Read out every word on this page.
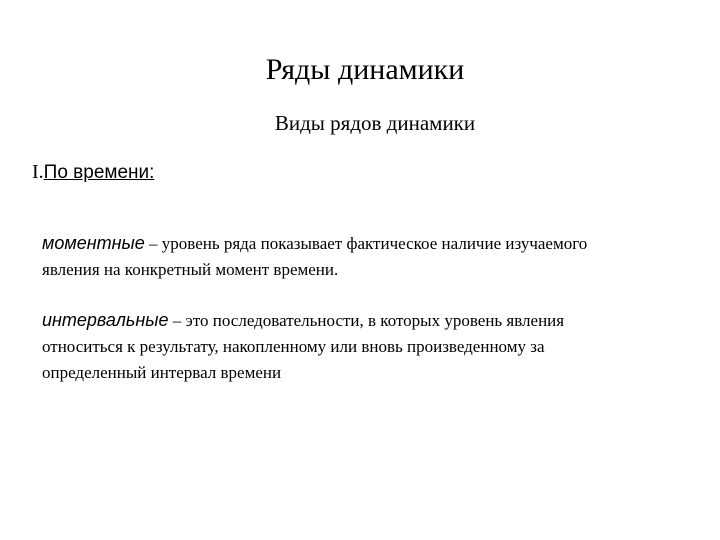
Ряды динамики
Виды рядов динамики
I.По времени:

моментные – уровень ряда показывает фактическое наличие изучаемого явления на конкретный момент времени.

интервальные – это последовательности, в которых уровень явления относиться к результату, накопленному или вновь произведенному за определенный интервал времени
